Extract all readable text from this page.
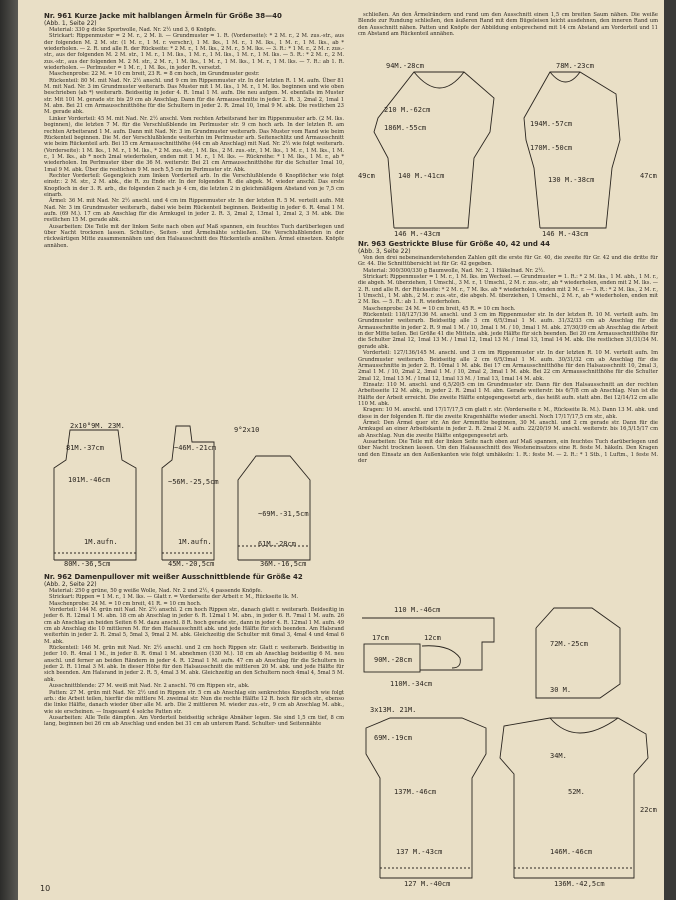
Nr. 961 Kurze Jacke mit halblangen Ärmeln für Größe 38—40

(Abb. 1, Seite 22)

Material: 330 g dicke Sportwolle, Nad. Nr. 2½ und 3, 6 Knöpfe.

Strickart: Rippenmuster = 2 M. r., 2 M. li. — Grundmuster = 1. R. (Vorderseite): * 2 M. r., 2 M. zus.-str., aus der folgenden M. 2 M. str. (1 M. r., 1 M. r. verschr.), 1 M. lks., 1 M. r., 1 M. lks., 1 M. r., 1 M. lks., ab * wiederholen. — 2. R. und alle R. der Rückseite: * 2 M. r., 1 M. lks., 2 M. r., 5 M. lks. — 3. R.: * 1 M. r., 2 M. r. zus.-str., aus der folgenden M. 2 M. str., 1 M. r., 1 M. lks., 1 M. r., 1 M. lks., 1 M. r., 1 M. lks. — 5. R.: * 2 M. r., 2 M. zus.-str., aus der folgenden M. 2 M. str., 2 M. r., 1 M. lks., 1 M. r., 1 M. lks., 1 M. r., 1 M. lks. — 7. R.: ab 1. R. wiederholen. — Perlmuster = 1 M. r., 1 M. lks., in jeder R. versetzt.

Maschenprobe: 22 M. = 10 cm breit, 23 R. = 8 cm hoch, im Grundmuster gestr.

Rückenteil: 80 M. mit Nad. Nr. 2½ anschl. und 9 cm im Rippenmuster str. In der letzten R. 1 M. aufn. Über 81 M. mit Nad. Nr. 3 im Grundmuster weiterarb. Das Muster mit 1 M. lks., 1 M. r., 1 M. lks. beginnen und wie oben beschrieben (ab *) weiterarb. Beidseitig in jeder 4. R. 1mal 1 M. aufn. Die neu aufgen. M. ebenfalls im Muster str. Mit 101 M. gerade str. bis 29 cm ab Anschlag. Dann für die Armausschnitte in jeder 2. R. 3, 2mal 2, 1mal 1 M. abn. Bei 21 cm Armausschnitthöhe für die Schultern in jeder 2. R. 2mal 10, 1mal 9 M. abk. Die restlichen 23 M. gerade abk.

Linker Vorderteil: 45 M. mit Nad. Nr. 2½ anschl. Vom rechten Arbeitsrand her im Rippenmuster arb. (2 M. lks. beginnen), die letzten 7 M. für die Verschlußblende im Perlmuster str. 9 cm hoch arb. In der letzten R. am rechten Arbeitsrand 1 M. aufn. Dann mit Nad. Nr. 3 im Grundmuster weiterarb. Das Muster vom Rand wie beim Rückenteil beginnen. Die M. der Verschlußblende weiterhin im Perlmuster arb. Seitenschlitz und Armausschnitt wie beim Rückenteil arb. Bei 15 cm Armausschnitthöhe (44 cm ab Anschlag) mit Nad. Nr. 2½ wie folgt weiterarb. (Vorderseite): 1 M. lks., 1 M. r., 1 M. lks., * 2 M. zus.-str., 1 M. lks., 2 M. zus.-str., 1 M. lks., 1 M. r., 1 M. lks., 1 M. r., 1 M. lks., ab * noch 2mal wiederholen, enden mit 1 M. r., 1 M. lks. — Rückreihe: * 1 M. lks., 1 M. r., ab * wiederholen. Im Perlmuster über die 36 M. weiterstr. Bei 21 cm Armausschnitthöhe für die Schulter 1mal 10, 1mal 9 M. abk. Über die restlichen 9 M. noch 5,5 cm im Perlmuster str. Abk.

Rechter Vorderteil: Gegengleich zum linken Vorderteil arb. In die Verschlußblende 6 Knopflöcher wie folgt einstr.: 2 M. str., 2 M. abk., die R. zu Ende str. In der folgenden R. die abgek. M. wieder anschl. Das erste Knopfloch in der 3. R. arb., die folgenden 2 nach je 4 cm, die letzten 2 in gleichmäßigem Abstand von je 7,5 cm einarb.

Ärmel: 36 M. mit Nad. Nr. 2½ anschl. und 4 cm im Rippenmuster str. In der letzten R. 5 M. verteilt aufn. Mit Nad. Nr. 3 im Grundmuster weiterarb., dabei wie beim Rückenteil beginnen. Beidseitig in jeder 6. R. 4mal 1 M. aufn. (69 M.). 17 cm ab Anschlag für die Armkugel in jeder 2. R. 3, 2mal 2, 13mal 1, 2mal 2, 3 M. abk. Die restlichen 15 M. gerade abk.

Ausarbeiten: Die Teile mit der linken Seite nach oben auf Maß spannen, ein feuchtes Tuch darüberlegen und über Nacht trocknen lassen. Schulter-, Seiten- und Ärmelnähte schließen. Die Verschlußblenden in der rückwärtigen Mitte zusammennähen und den Halsausschnitt des Rückenteils annähen. Ärmel einsetzen. Knöpfe annähen.

2x10°9M. 23M.
81M.-37cm
101M.-46cm
1M.aufn.
80M.-36,5cm
~46M.-21cm
~56M.-25,5cm
1M.aufn.
45M.-20,5cm
9°2x10
~69M.-31,5cm
61M.-28cm
36M.-16,5cm

Nr. 962 Damenpullover mit weißer Ausschnittblende für Größe 42

(Abb. 2, Seite 22)

Material: 250 g grüne, 50 g weiße Wolle, Nad. Nr. 2 und 2½, 4 passende Knöpfe.

Strickart: Rippen = 1 M. r., 1 M. lks. — Glatt r. = Vorderseite der Arbeit r. M., Rückseite lk. M.

Maschenprobe: 24 M. = 10 cm breit, 41 R. = 10 cm hoch.

Vorderteil: 144 M. grün mit Nad. Nr. 2½ anschl. 2 cm hoch Rippen str., danach glatt r. weiterarb. Beidseitig in jeder 6. R. 12mal 1 M. abn. 18 cm ab Anschlag in jeder 6. R. 12mal 1 M. abn., in jeder 6. R. 7mal 1 M. aufn. 26 cm ab Anschlag an beiden Seiten 6 M. dazu anschl. 8 R. hoch gerade str., dann in jeder 4. R. 12mal 1 M. aufn. 49 cm ab Anschlag die 10 mittleren M. für den Halsausschnitt abk. und jede Hälfte für sich beenden. Am Halsrand weiterhin in jeder 2. R. 2mal 5, 5mal 3, 9mal 2 M. abk. Gleichzeitig die Schulter mit 6mal 3, 4mal 4 und 4mal 6 M. abk.

Rückenteil: 146 M. grün mit Nad. Nr. 2½ anschl. und 2 cm hoch Rippen str. Glatt r. weiterarb. Beidseitig in jeder 10. R. 4mal 1 M., in jeder 8. R. 6mal 1 M. abnehmen (130 M.). 18 cm ab Anschlag beidseitig 6 M. neu anschl. und ferner an beiden Rändern in jeder 4. R. 12mal 1 M. aufn. 47 cm ab Anschlag für die Schultern in jeder 2. R. 11mal 3 M. abk. In dieser Höhe für den Halsausschnitt die mittleren 20 M. abk. und jede Hälfte für sich beenden. Am Halsrand in jeder 2. R. 5, 4mal 3 M. abk. Gleichzeitig an den Schultern noch 4mal 4, 5mal 5 M. abk.

Ausschnittblende: 27 M. weiß mit Nad. Nr. 2 anschl. 76 cm Rippen str., abk.

Patten: 27 M. grün mit Nad. Nr. 2½ und in Rippen str. 5 cm ab Anschlag ein senkrechtes Knopfloch wie folgt arb.: die Arbeit teilen, hierfür die mittlere M. zweimal str. Nun die rechte Hälfte 12 R. hoch für sich str., ebenso die linke Hälfte, danach wieder über alle M. arb. Die 2 mittleren M. wieder zus.-str., 9 cm ab Anschlag M. abk., wie sie erscheinen. — Insgesamt 4 solche Patten str.

Ausarbeiten: Alle Teile dämpfen. Am Vorderteil beidseitig schräge Abnäher legen. Sie sind 1,5 cm tief, 8 cm lang, beginnen bei 26 cm ab Anschlag und enden bei 31 cm ab unterem Rand. Schulter- und Seitennähte

schließen. An den Ärmelrändern und rund um den Ausschnitt einen 1,5 cm breiten Saum nähen. Die weiße Blende zur Rundung schließen, den äußeren Rand mit dem Bügeleisen leicht ausdehnen, den inneren Rand um den Ausschnitt nähen. Patten und Knöpfe der Abbildung entsprechend mit 14 cm Abstand am Vorderteil und 11 cm Abstand am Rückenteil annähen.

94M.-28cm
210 M.-62cm
186M.-55cm
140 M.-41cm
146 M.-43cm
78M.-23cm
194M.-57cm
170M.-50cm
130 M.-38cm
146 M.-43cm
49cm	47cm

Nr. 963 Gestrickte Bluse für Größe 40, 42 und 44

(Abb. 3, Seite 22)

Von den drei nebeneinanderstehenden Zahlen gilt die erste für Gr. 40, die zweite für Gr. 42 und die dritte für Gr. 44. Die Schnittübersicht ist für Gr. 42 gegeben.

Material: 300/300/330 g Baumwolle, Nad. Nr. 2, 1 Häkelnad. Nr. 2½.

Strickart: Rippenmuster = 1 M. r., 1 M. lks. im Wechsel. — Grundmuster = 1. R.: * 2 M. lks., 1 M. abh., 1 M. r., die abgeh. M. überziehen, 1 Umschl., 3 M. r., 1 Umschl., 2 M. r. zus.-str., ab * wiederholen, enden mit 2 M. lks. — 2. R. und alle R. der Rückseite: * 2 M. r., 7 M. lks. ab * wiederholen, enden mit 2 M. r. — 3. R.: * 2 M. lks., 2 M. r., 1 Umschl., 1 M. abh., 2 M. r. zus.-str., die abgeh. M. überziehen, 1 Umschl., 2 M. r., ab * wiederholen, enden mit 2 M. lks. — 5. R.: ab 1. R. wiederholen.

Maschenprobe: 24 M. = 10 cm breit, 45 R. = 10 cm hoch.

Rückenteil: 118/127/136 M. anschl. und 3 cm im Rippenmuster str. In der letzten R. 10 M. verteilt aufn. Im Grundmuster weiterarb. Beidseitig alle 3 cm 6/5/3mal 1 M. aufn. 31/32/33 cm ab Anschlag für die Armausschnitte in jeder 2. R. 9 mal 1 M. / 10, 3mal 1 M. / 10, 3mal 1 M. abk. 27/30/39 cm ab Anschlag die Arbeit in der Mitte teilen. Bei Größe 41 die Mitteln. abk. jede Hälfte für sich beenden. Bei 20 cm Armausschnitthöhe für die Schulter 2mal 12, 1mal 13 M. / 1mal 12, 1mal 13 M. / 1mal 13, 1mal 14 M. abk. Die restlichen 31/31/34 M. gerade abk.

Vorderteil: 127/136/145 M. anschl. und 3 cm im Rippenmuster str. In der letzten R. 10 M. verteilt aufn. Im Grundmuster weiterarb. Beidseitig alle 2 cm 6/5/3mal 1 M. aufn. 30/31/32 cm ab Anschlag für die Armausschnitte in jeder 2. R. 10mal 1 M. abk. Bei 17 cm Armausschnitthöhe für den Halsausschnitt 10, 2mal 3, 2mal 1 M. / 10, 2mal 2, 3mal 1 M. / 10, 2mal 2, 3mal 1 M. abk. Bei 22 cm Armausschnitthöhe für die Schulter 2mal 12, 1mal 13 M. / 1mal 12, 1mal 13 M. / 1mal 13, 1mal 14 M. abk.

Einsatz: 110 M. anschl. und 6,5/20/5 cm im Grundmuster str. Dann für den Halsausschnitt an der rechten Arbeitsseite 12 M. abk., in jeder 2. R. 2mal 1 M. abn. Gerade weiterstr. bis 6/7/8 cm ab Anschlag. Nun ist die Hälfte der Arbeit erreicht. Die zweite Hälfte entgegengesetzt arb., das heißt aufn. statt abn. Bei 12/14/12 cm alle 110 M. abk.

Kragen: 10 M. anschl. und 17/17/17,5 cm glatt r. str. (Vorderseite r. M., Rückseite lk. M.). Dann 13 M. abk. und diese in der folgenden R. für die zweite Kragenhälfte wieder anschl. Noch 17/17/17,5 cm str., abk.

Ärmel: Den Ärmel quer str. An der Armmitte beginnen, 30 M. anschl. und 2 cm gerade str. Dann für die Armkugel an einer Arbeitskante in jeder 2. R. 2mal 2 M. aufn. 22/20/19 M. anschl. weiterstr. bis 16,5/15/17 cm ab Anschlag. Nun die zweite Hälfte entgegengesetzt arb.

Ausarbeiten: Die Teile mit der linken Seite nach oben auf Maß spannen, ein feuchtes Tuch darüberlegen und über Nacht trocknen lassen. Um den Halsausschnitt des Westeneinsatzes eine R. feste M. häkeln. Den Kragen und den Einsatz an den Außenkanten wie folgt umhäkeln: 1. R.: feste M. — 2. R.: * 1 Stb., 1 Luftm., 1 feste M. der

110 M.-46cm
17cm	12cm
90M.-28cm
110M.-34cm
72M.-25cm
30 M.
3x13M. 21M.
69M.-19cm
137M.-46cm
137 M.-43cm
127 M.-40cm
34M.
52M.
146M.-46cm
136M.-42,5cm
22cm
10
